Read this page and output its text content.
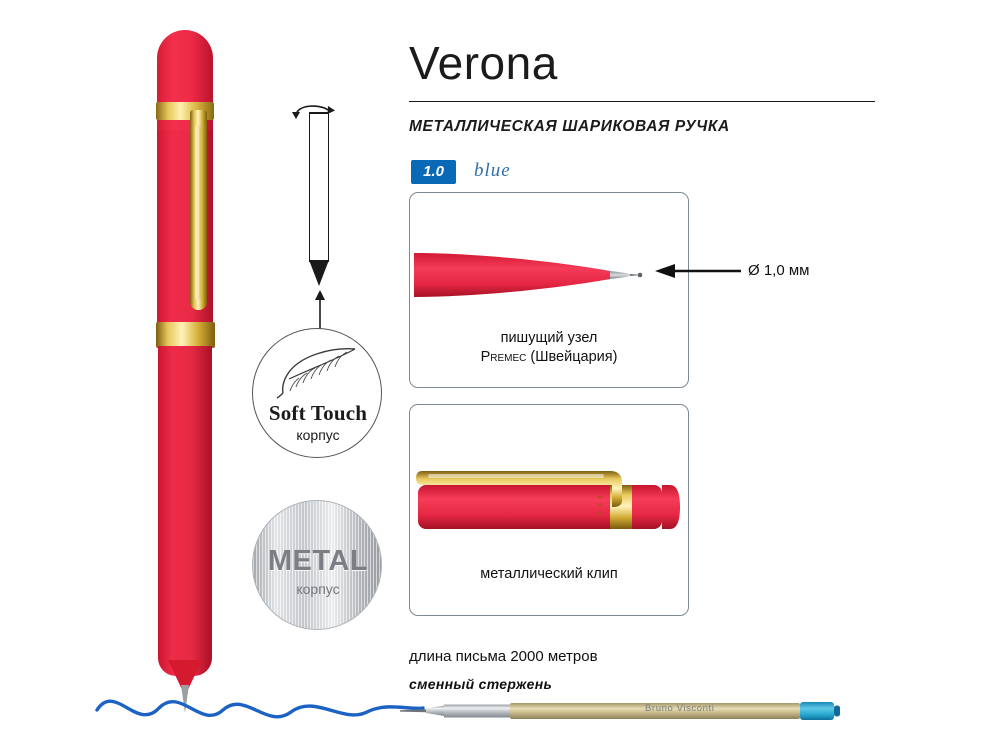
Soft Touch
корпус
METAL
корпус
Verona
МЕТАЛЛИЧЕСКАЯ ШАРИКОВАЯ РУЧКА
1.0	blue
пишущий узел
Premec (Швейцария)
Ø 1,0 мм
металлический клип
длина письма 2000 метров
сменный стержень
Bruno Visconti
